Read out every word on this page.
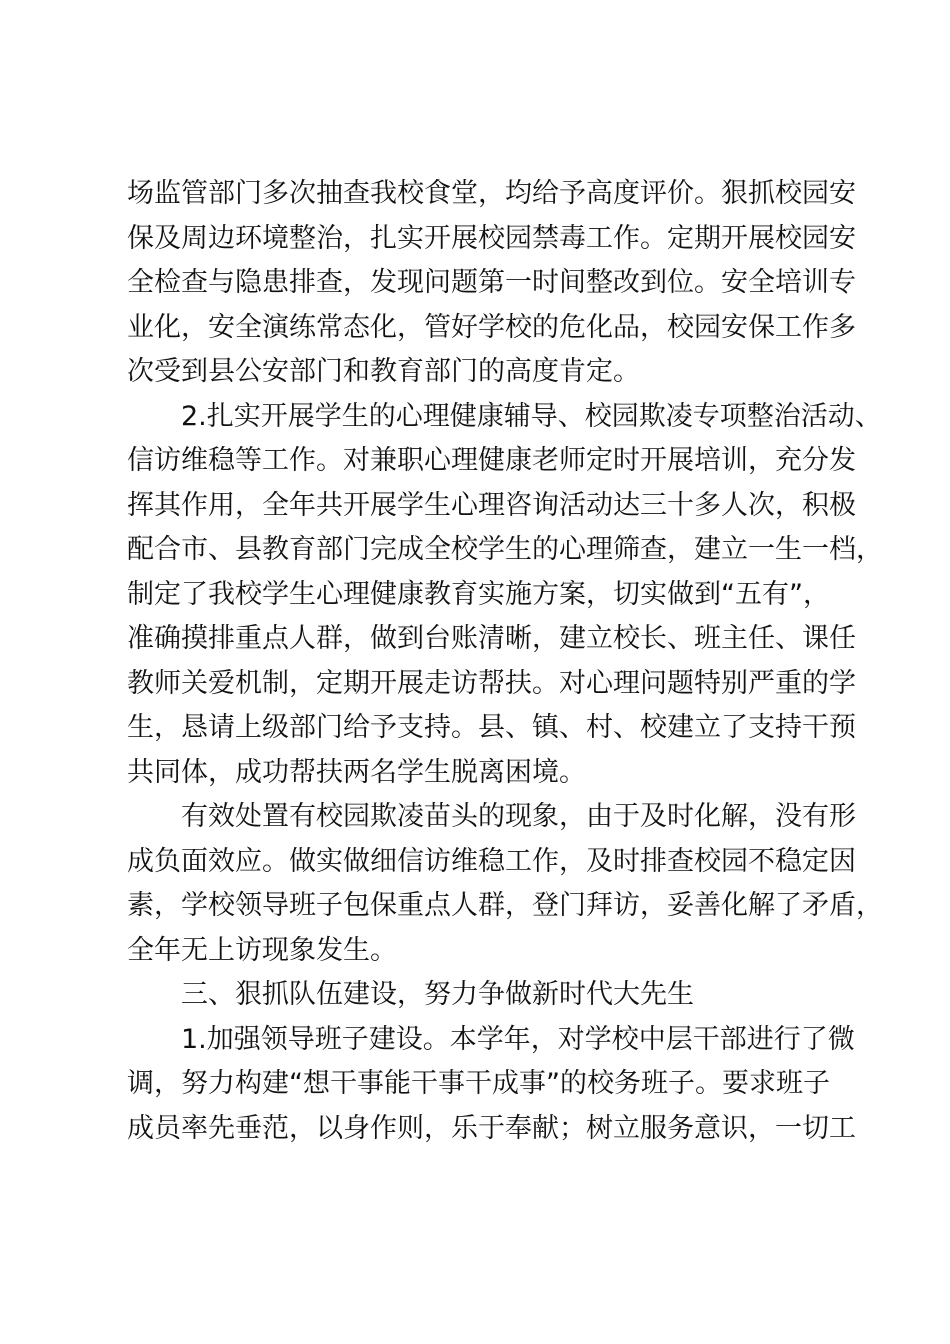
场监管部门多次抽查我校食堂，均给予高度评价。狠抓校园安
保及周边环境整治，扎实开展校园禁毒工作。定期开展校园安
全检查与隐患排查，发现问题第一时间整改到位。安全培训专
业化，安全演练常态化，管好学校的危化品，校园安保工作多
次受到县公安部门和教育部门的高度肯定。
2.扎实开展学生的心理健康辅导、校园欺凌专项整治活动、
信访维稳等工作。对兼职心理健康老师定时开展培训，充分发
挥其作用，全年共开展学生心理咨询活动达三十多人次，积极
配合市、县教育部门完成全校学生的心理筛查，建立一生一档，
制定了我校学生心理健康教育实施方案，切实做到“五有”，
准确摸排重点人群，做到台账清晰，建立校长、班主任、课任
教师关爱机制，定期开展走访帮扶。对心理问题特别严重的学
生，恳请上级部门给予支持。县、镇、村、校建立了支持干预
共同体，成功帮扶两名学生脱离困境。
有效处置有校园欺凌苗头的现象，由于及时化解，没有形
成负面效应。做实做细信访维稳工作，及时排查校园不稳定因
素，学校领导班子包保重点人群，登门拜访，妥善化解了矛盾，
全年无上访现象发生。
三、狠抓队伍建设，努力争做新时代大先生
1.加强领导班子建设。本学年，对学校中层干部进行了微
调，努力构建“想干事能干事干成事”的校务班子。要求班子
成员率先垂范，以身作则，乐于奉献；树立服务意识，一切工
